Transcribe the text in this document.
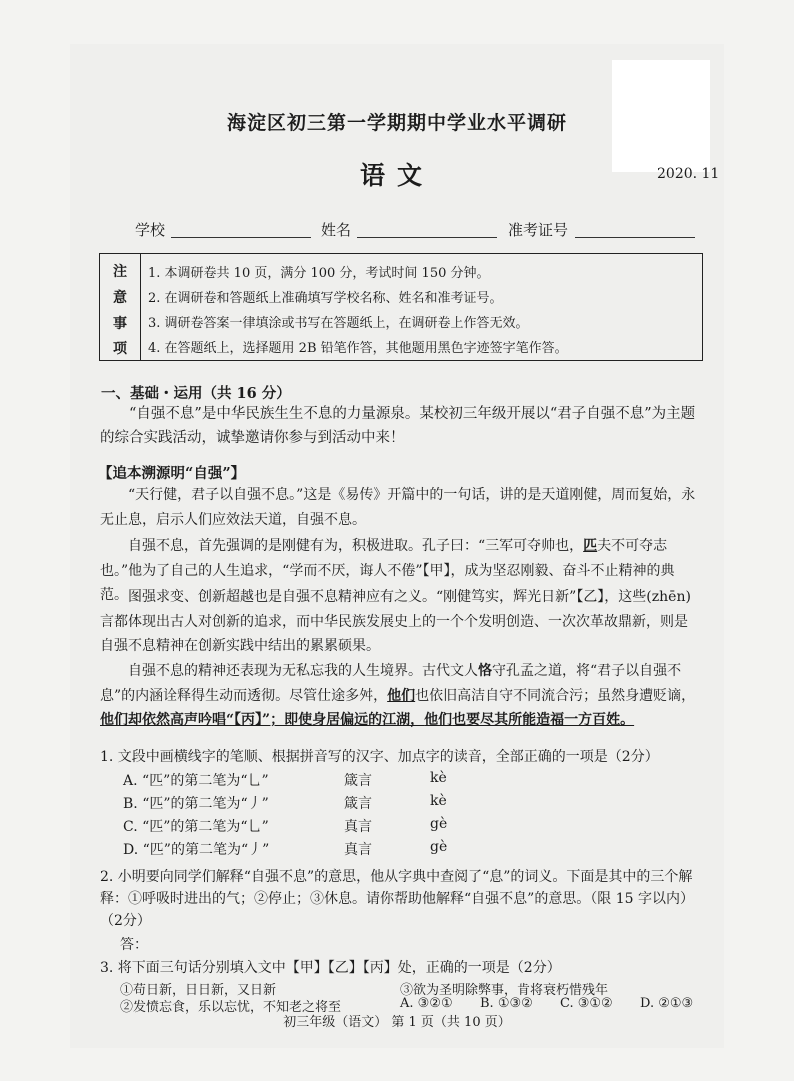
海淀区初三第一学期期中学业水平调研
语文	2020. 11
学校	姓名	准考证号
注
意
事
项
1. 本调研卷共 10 页，满分 100 分，考试时间 150 分钟。
2. 在调研卷和答题纸上准确填写学校名称、姓名和准考证号。
3. 调研卷答案一律填涂或书写在答题纸上，在调研卷上作答无效。
4. 在答题纸上，选择题用 2B 铅笔作答，其他题用黑色字迹签字笔作答。
一、基础・运用（共 16 分）
“自强不息”是中华民族生生不息的力量源泉。某校初三年级开展以“君子自强不息”为主题的综合实践活动，诚挚邀请你参与到活动中来！
【追本溯源明“自强”】

“天行健，君子以自强不息。”这是《易传》开篇中的一句话，讲的是天道刚健，周而复始，永无止息，启示人们应效法天道，自强不息。

自强不息，首先强调的是刚健有为，积极进取。孔子曰：“三军可夺帅也，匹夫不可夺志也。”他为了自己的人生追求，“学而不厌，诲人不倦”【甲】，成为坚忍刚毅、奋斗不止精神的典范。 图强求变、创新超越也是自强不息精神应有之义。“刚健笃实，辉光日新”【乙】，这些(zhēn)言都体现出古人对创新的追求，而中华民族发展史上的一个个发明创造、一次次革故鼎新，则是自强不息精神在创新实践中结出的累累硕果。

自强不息的精神还表现为无私忘我的人生境界。古代文人恪守孔孟之道，将“君子以自强不息”的内涵诠释得生动而透彻。尽管仕途多舛，他们也依旧高洁自守不同流合污；虽然身遭贬谪，他们却依然高声吟唱“【丙】”；即使身居偏远的江湖，他们也要尽其所能造福一方百姓。

1. 文段中画横线字的笔顺、根据拼音写的汉字、加点字的读音，全部正确的一项是（2分）
A. “匹”的第二笔为“乚”	箴言	kè
B. “匹”的第二笔为“丿”	箴言	kè
C. “匹”的第二笔为“乚”	真言	gè
D. “匹”的第二笔为“丿”	真言	gè
2. 小明要向同学们解释“自强不息”的意思，他从字典中查阅了“息”的词义。下面是其中的三个解释：①呼吸时进出的气；②停止；③休息。请你帮助他解释“自强不息”的意思。（限 15 字以内）（2分）
答：
3. 将下面三句话分别填入文中【甲】【乙】【丙】处，正确的一项是（2分）
①苟日新，日日新，又日新
②发愤忘食，乐以忘忧，不知老之将至
③欲为圣明除弊事，肯将衰朽惜残年
A. ③②① B. ①③② C. ③①② D. ②①③
初三年级（语文） 第 1 页（共 10 页）
